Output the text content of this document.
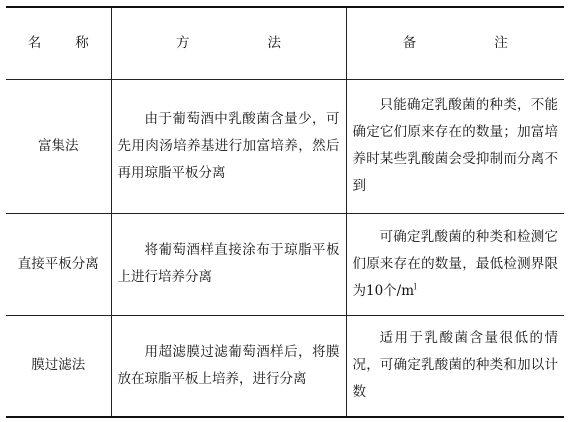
名 称	方 法	备 注
富集法	由于葡萄酒中乳酸菌含量少，可先用肉汤培养基进行加富培养，然后再用琼脂平板分离	只能确定乳酸菌的种类，不能确定它们原来存在的数量；加富培养时某些乳酸菌会受抑制而分离不到
直接平板分离	将葡萄酒样直接涂布于琼脂平板上进行培养分离	可确定乳酸菌的种类和检测它们原来存在的数量，最低检测界限为10个$/m^l$
膜过滤法	用超滤膜过滤葡萄酒样后，将膜放在琼脂平板上培养，进行分离	适用于乳酸菌含量很低的情况，可确定乳酸菌的种类和加以计数
